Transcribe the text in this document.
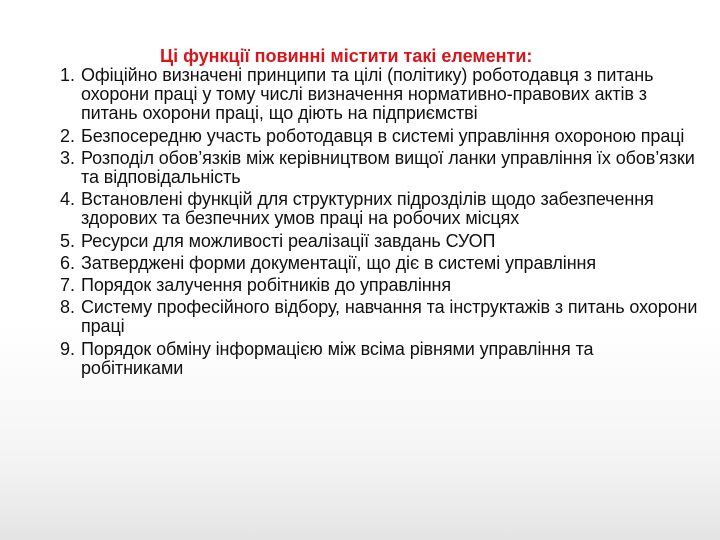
Ці функції повинні містити такі елементи:
1. Офіційно визначені принципи та цілі (політику) роботодавця з питань охорони праці у тому числі визначення нормативно-правових актів з питань охорони праці, що діють на підприємстві
2. Безпосередню участь роботодавця в системі управління охороною праці
3. Розподіл обов’язків між керівництвом вищої ланки управління їх обов’язки та відповідальність
4. Встановлені функцій для структурних підрозділів щодо забезпечення здорових та безпечних умов праці на робочих місцях
5. Ресурси для можливості реалізації завдань СУОП
6. Затверджені форми документації, що діє в системі управління
7. Порядок залучення робітників до управління
8. Систему професійного відбору, навчання та інструктажів з питань охорони праці
9. Порядок обміну інформацією між всіма рівнями управління та робітниками
